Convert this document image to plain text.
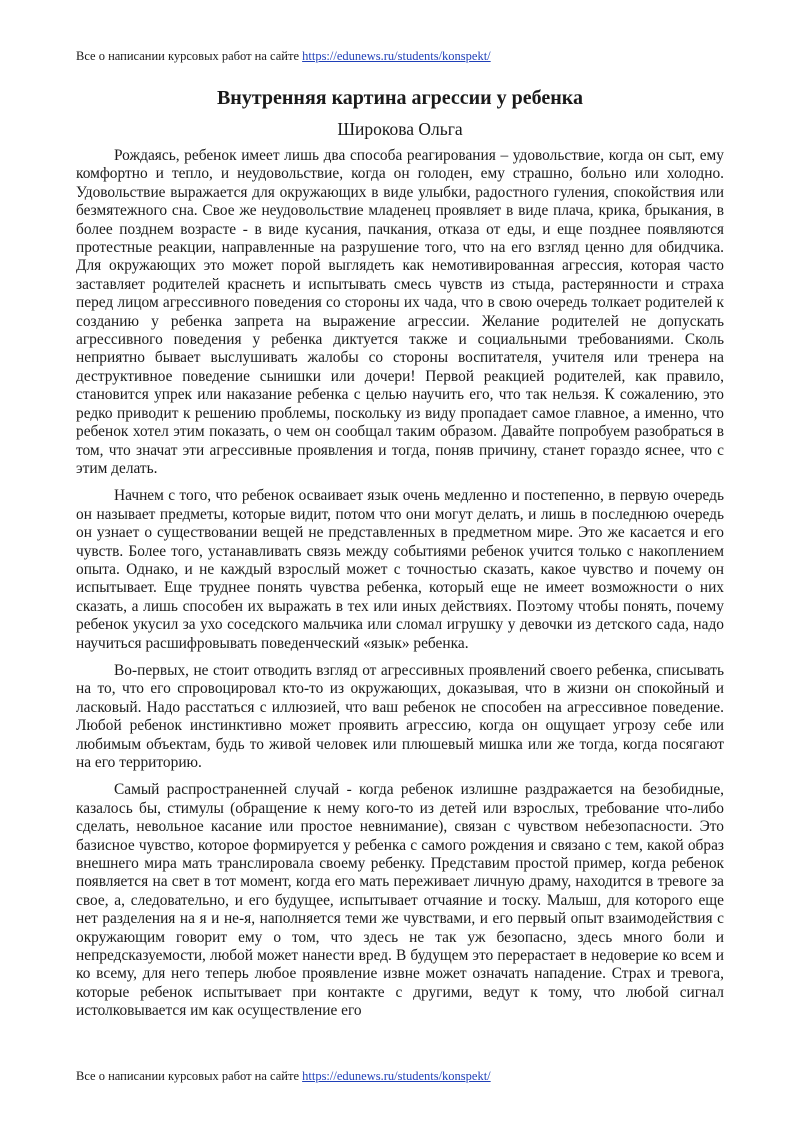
Все о написании курсовых работ на сайте https://edunews.ru/students/konspekt/
Внутренняя картина агрессии у ребенка
Широкова Ольга

Рождаясь, ребенок имеет лишь два способа реагирования – удовольствие, когда он сыт, ему комфортно и тепло, и неудовольствие, когда он голоден, ему страшно, больно или холодно. Удовольствие выражается для окружающих в виде улыбки, радостного гуления, спокойствия или безмятежного сна. Свое же неудовольствие младенец проявляет в виде плача, крика, брыкания, в более позднем возрасте - в виде кусания, пачкания, отказа от еды, и еще позднее появляются протестные реакции, направленные на разрушение того, что на его взгляд ценно для обидчика. Для окружающих это может порой выглядеть как немотивированная агрессия, которая часто заставляет родителей краснеть и испытывать смесь чувств из стыда, растерянности и страха перед лицом агрессивного поведения со стороны их чада, что в свою очередь толкает родителей к созданию у ребенка запрета на выражение агрессии. Желание родителей не допускать агрессивного поведения у ребенка диктуется также и социальными требованиями. Сколь неприятно бывает выслушивать жалобы со стороны воспитателя, учителя или тренера на деструктивное поведение сынишки или дочери! Первой реакцией родителей, как правило, становится упрек или наказание ребенка с целью научить его, что так нельзя. К сожалению, это редко приводит к решению проблемы, поскольку из виду пропадает самое главное, а именно, что ребенок хотел этим показать, о чем он сообщал таким образом. Давайте попробуем разобраться в том, что значат эти агрессивные проявления и тогда, поняв причину, станет гораздо яснее, что с этим делать.

Начнем с того, что ребенок осваивает язык очень медленно и постепенно, в первую очередь он называет предметы, которые видит, потом что они могут делать, и лишь в последнюю очередь он узнает о существовании вещей не представленных в предметном мире. Это же касается и его чувств. Более того, устанавливать связь между событиями ребенок учится только с накоплением опыта. Однако, и не каждый взрослый может с точностью сказать, какое чувство и почему он испытывает. Еще труднее понять чувства ребенка, который еще не имеет возможности о них сказать, а лишь способен их выражать в тех или иных действиях. Поэтому чтобы понять, почему ребенок укусил за ухо соседского мальчика или сломал игрушку у девочки из детского сада, надо научиться расшифровывать поведенческий «язык» ребенка.

Во-первых, не стоит отводить взгляд от агрессивных проявлений своего ребенка, списывать на то, что его спровоцировал кто-то из окружающих, доказывая, что в жизни он спокойный и ласковый. Надо расстаться с иллюзией, что ваш ребенок не способен на агрессивное поведение. Любой ребенок инстинктивно может проявить агрессию, когда он ощущает угрозу себе или любимым объектам, будь то живой человек или плюшевый мишка или же тогда, когда посягают на его территорию.

Самый распространенней случай - когда ребенок излишне раздражается на безобидные, казалось бы, стимулы (обращение к нему кого-то из детей или взрослых, требование что-либо сделать, невольное касание или простое невнимание), связан с чувством небезопасности. Это базисное чувство, которое формируется у ребенка с самого рождения и связано с тем, какой образ внешнего мира мать транслировала своему ребенку. Представим простой пример, когда ребенок появляется на свет в тот момент, когда его мать переживает личную драму, находится в тревоге за свое, а, следовательно, и его будущее, испытывает отчаяние и тоску. Малыш, для которого еще нет разделения на я и не-я, наполняется теми же чувствами, и его первый опыт взаимодействия с окружающим говорит ему о том, что здесь не так уж безопасно, здесь много боли и непредсказуемости, любой может нанести вред. В будущем это перерастает в недоверие ко всем и ко всему, для него теперь любое проявление извне может означать нападение. Страх и тревога, которые ребенок испытывает при контакте с другими, ведут к тому, что любой сигнал истолковывается им как осуществление его

Все о написании курсовых работ на сайте https://edunews.ru/students/konspekt/
